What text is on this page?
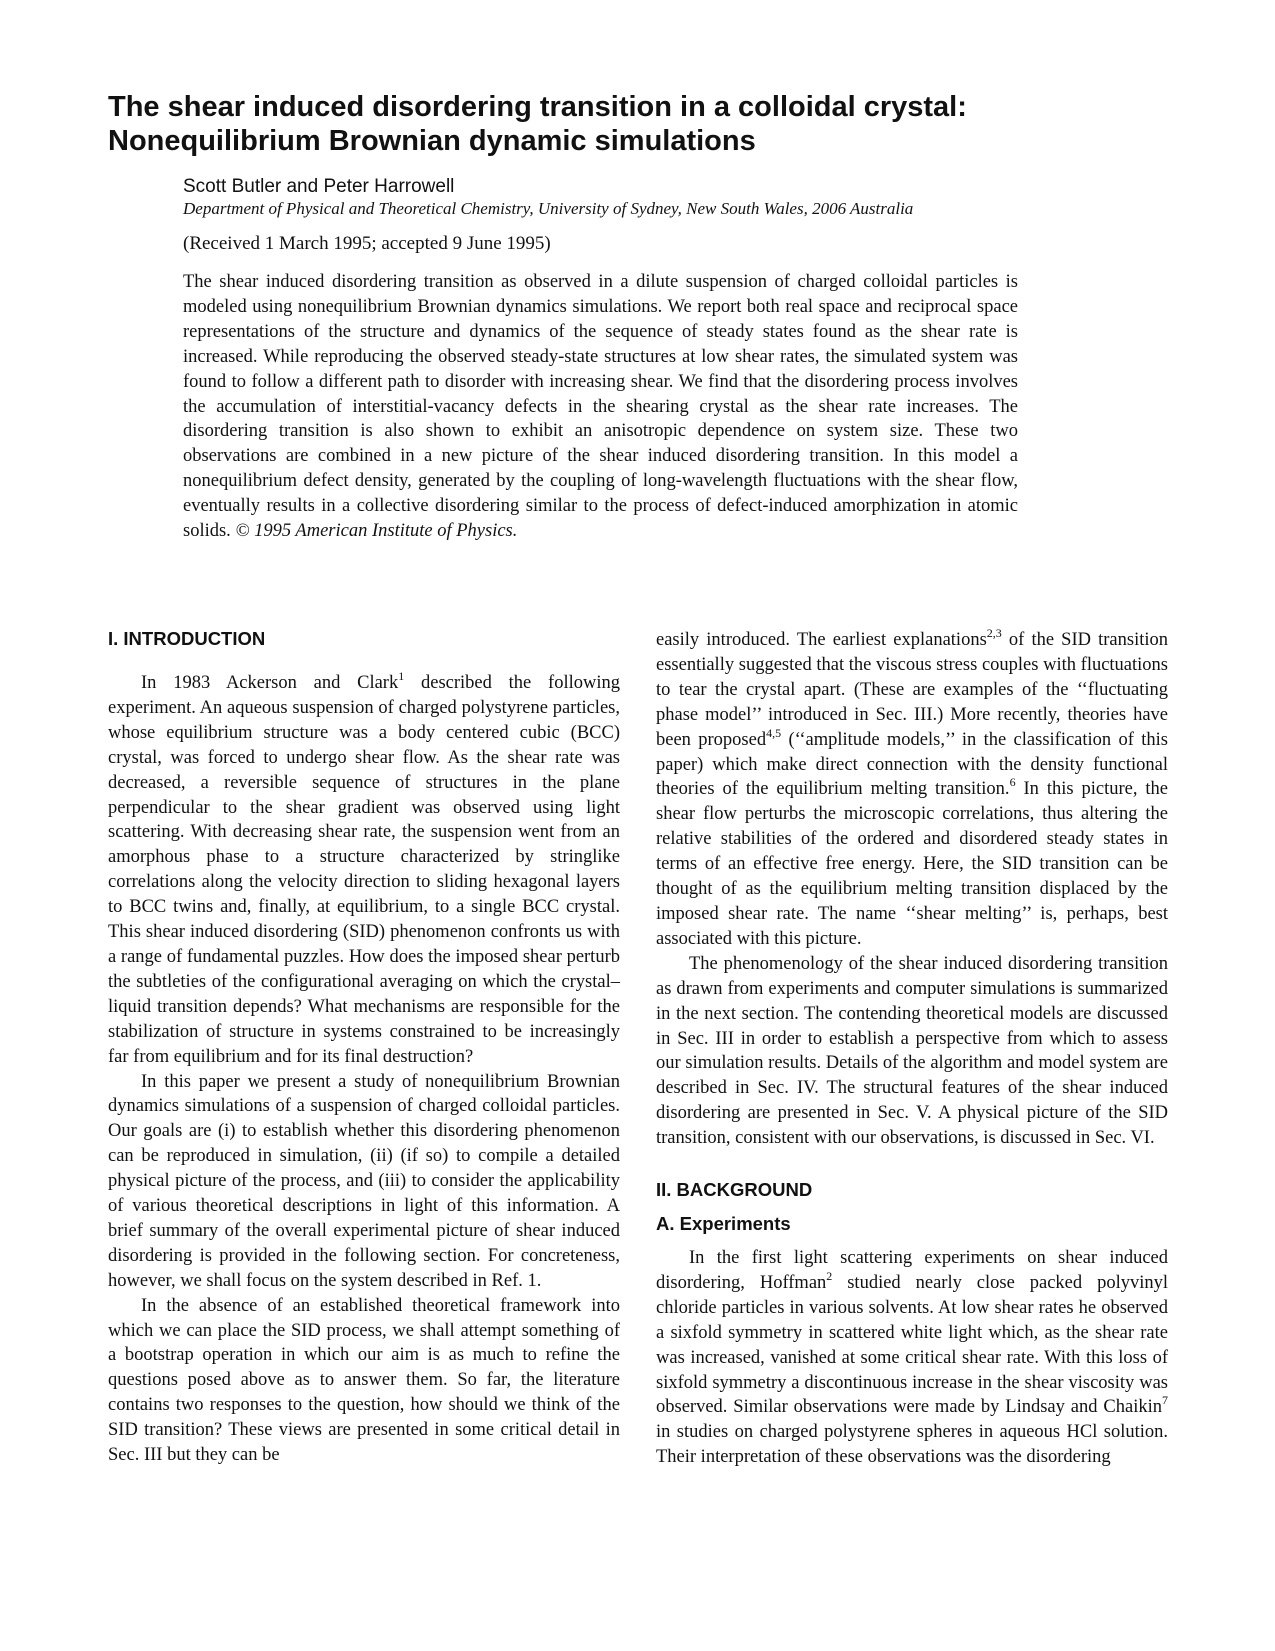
The shear induced disordering transition in a colloidal crystal:
Nonequilibrium Brownian dynamic simulations
Scott Butler and Peter Harrowell
Department of Physical and Theoretical Chemistry, University of Sydney, New South Wales, 2006 Australia
(Received 1 March 1995; accepted 9 June 1995)

The shear induced disordering transition as observed in a dilute suspension of charged colloidal particles is modeled using nonequilibrium Brownian dynamics simulations. We report both real space and reciprocal space representations of the structure and dynamics of the sequence of steady states found as the shear rate is increased. While reproducing the observed steady-state structures at low shear rates, the simulated system was found to follow a different path to disorder with increasing shear. We find that the disordering process involves the accumulation of interstitial-vacancy defects in the shearing crystal as the shear rate increases. The disordering transition is also shown to exhibit an anisotropic dependence on system size. These two observations are combined in a new picture of the shear induced disordering transition. In this model a nonequilibrium defect density, generated by the coupling of long-wavelength fluctuations with the shear flow, eventually results in a collective disordering similar to the process of defect-induced amorphization in atomic solids. © 1995 American Institute of Physics.

I. INTRODUCTION

In 1983 Ackerson and Clark$^1$ described the following experiment. An aqueous suspension of charged polystyrene particles, whose equilibrium structure was a body centered cubic (BCC) crystal, was forced to undergo shear flow. As the shear rate was decreased, a reversible sequence of structures in the plane perpendicular to the shear gradient was observed using light scattering. With decreasing shear rate, the suspension went from an amorphous phase to a structure characterized by stringlike correlations along the velocity direction to sliding hexagonal layers to BCC twins and, finally, at equilibrium, to a single BCC crystal. This shear induced disordering (SID) phenomenon confronts us with a range of fundamental puzzles. How does the imposed shear perturb the subtleties of the configurational averaging on which the crystal–liquid transition depends? What mechanisms are responsible for the stabilization of structure in systems constrained to be increasingly far from equilibrium and for its final destruction?

In this paper we present a study of nonequilibrium Brownian dynamics simulations of a suspension of charged colloidal particles. Our goals are (i) to establish whether this disordering phenomenon can be reproduced in simulation, (ii) (if so) to compile a detailed physical picture of the process, and (iii) to consider the applicability of various theoretical descriptions in light of this information. A brief summary of the overall experimental picture of shear induced disordering is provided in the following section. For concreteness, however, we shall focus on the system described in Ref. 1.

In the absence of an established theoretical framework into which we can place the SID process, we shall attempt something of a bootstrap operation in which our aim is as much to refine the questions posed above as to answer them. So far, the literature contains two responses to the question, how should we think of the SID transition? These views are presented in some critical detail in Sec. III but they can be

easily introduced. The earliest explanations$^{2,3}$ of the SID transition essentially suggested that the viscous stress couples with fluctuations to tear the crystal apart. (These are examples of the ‘‘fluctuating phase model’’ introduced in Sec. III.) More recently, theories have been proposed$^{4,5}$ (‘‘amplitude models,’’ in the classification of this paper) which make direct connection with the density functional theories of the equilibrium melting transition.$^6$ In this picture, the shear flow perturbs the microscopic correlations, thus altering the relative stabilities of the ordered and disordered steady states in terms of an effective free energy. Here, the SID transition can be thought of as the equilibrium melting transition displaced by the imposed shear rate. The name ‘‘shear melting’’ is, perhaps, best associated with this picture.

The phenomenology of the shear induced disordering transition as drawn from experiments and computer simulations is summarized in the next section. The contending theoretical models are discussed in Sec. III in order to establish a perspective from which to assess our simulation results. Details of the algorithm and model system are described in Sec. IV. The structural features of the shear induced disordering are presented in Sec. V. A physical picture of the SID transition, consistent with our observations, is discussed in Sec. VI.

II. BACKGROUND
A. Experiments

In the first light scattering experiments on shear induced disordering, Hoffman$^2$ studied nearly close packed polyvinyl chloride particles in various solvents. At low shear rates he observed a sixfold symmetry in scattered white light which, as the shear rate was increased, vanished at some critical shear rate. With this loss of sixfold symmetry a discontinuous increase in the shear viscosity was observed. Similar observations were made by Lindsay and Chaikin$^7$ in studies on charged polystyrene spheres in aqueous HCl solution. Their interpretation of these observations was the disordering
